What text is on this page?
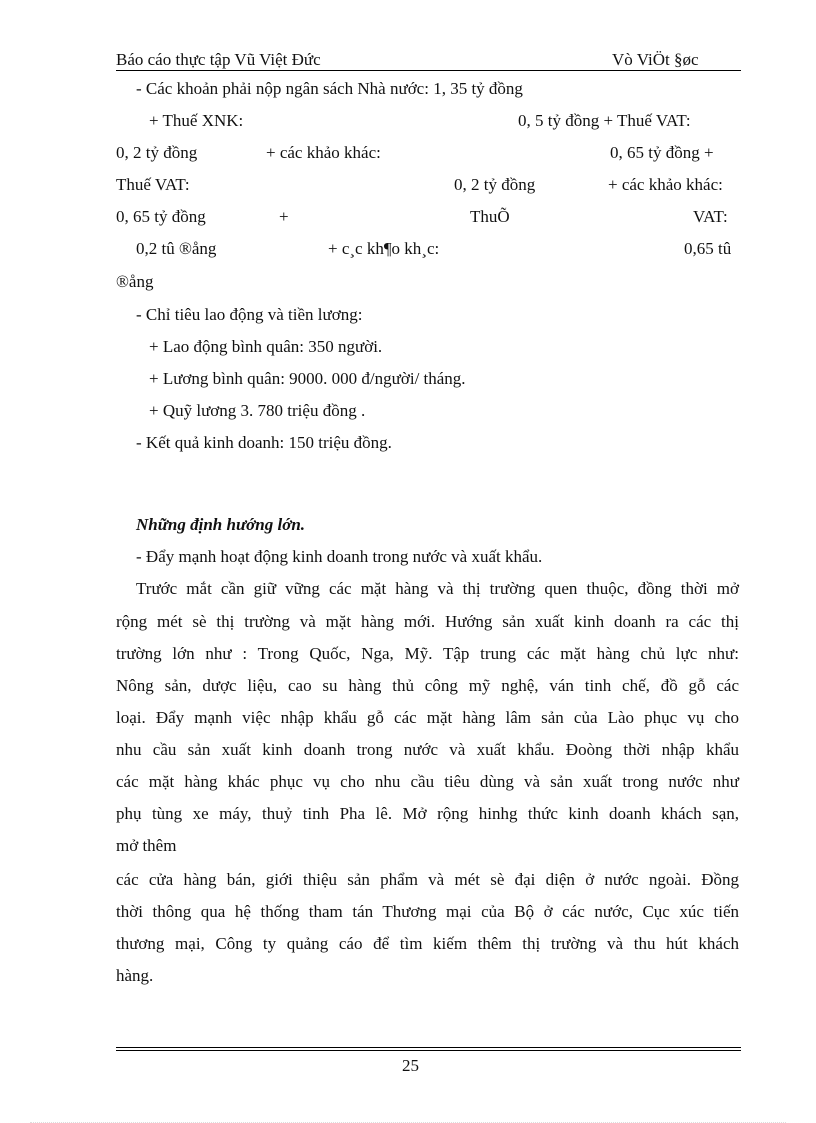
Báo cáo thực tập Vũ Việt Đức	Vò ViÖt §øc
- Các khoản phải nộp ngân sách Nhà nước: 1, 35 tỷ đồng
+ Thuế XNK:	0, 5 tỷ đồng + Thuế VAT:
0, 2 tỷ đồng	+ các khảo khác:	0, 65 tỷ đồng +
Thuế VAT:	0, 2 tỷ đồng	+ các khảo khác:
0, 65 tỷ đồng	+	ThuÕ	VAT:
0,2 tû ®ång	+ c¸c kh¶o kh¸c:	0,65 tû
®ång
- Chỉ tiêu lao động và tiền lương:
+ Lao động bình quân: 350 người.
+ Lương bình quân: 9000. 000 đ/người/ tháng.
+ Quỹ lương 3. 780 triệu đồng .
- Kết quả kinh doanh: 150 triệu đồng.
Những định hướng lớn.
- Đẩy mạnh hoạt động kinh doanh trong nước và xuất khẩu.
Trước mắt cần giữ vững các mặt hàng và thị trường quen thuộc, đồng thời mở
rộng mét sè thị trường và mặt hàng mới. Hướng sản xuất kinh doanh ra các thị
trường lớn như : Trong Quốc, Nga, Mỹ. Tập trung các mặt hàng chủ lực như:
Nông sản, dược liệu, cao su hàng thủ công mỹ nghệ, ván tinh chế, đồ gỗ các
loại. Đẩy mạnh việc nhập khẩu gỗ các mặt hàng lâm sản của Lào phục vụ cho
nhu cầu sản xuất kinh doanh trong nước và xuất khẩu. Đoòng thời nhập khẩu
các mặt hàng khác phục vụ cho nhu cầu tiêu dùng và sản xuất trong nước như
phụ tùng xe máy, thuỷ tinh Pha lê. Mở rộng hinhg thức kinh doanh khách sạn,
mở thêm
các cửa hàng bán, giới thiệu sản phẩm và mét sè đại diện ở nước ngoài. Đồng
thời thông qua hệ thống tham tán Thương mại của Bộ ở các nước, Cục xúc tiến
thương mại, Công ty quảng cáo để tìm kiếm thêm thị trường và thu hút khách
hàng.
25
